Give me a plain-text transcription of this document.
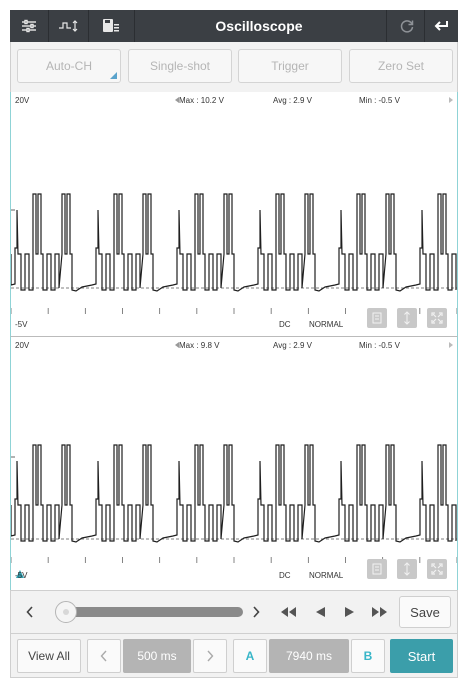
Oscilloscope
Auto-CH	Single-shot	Trigger	Zero Set
20V	Max : 10.2 V	Avg : 2.9 V	Min : -0.5 V
-5V	DC NORMAL
20V	Max : 9.8 V	Avg : 2.9 V	Min : -0.5 V
-5V	DC NORMAL
Save
View All	500 ms	A	7940 ms	B	Start
